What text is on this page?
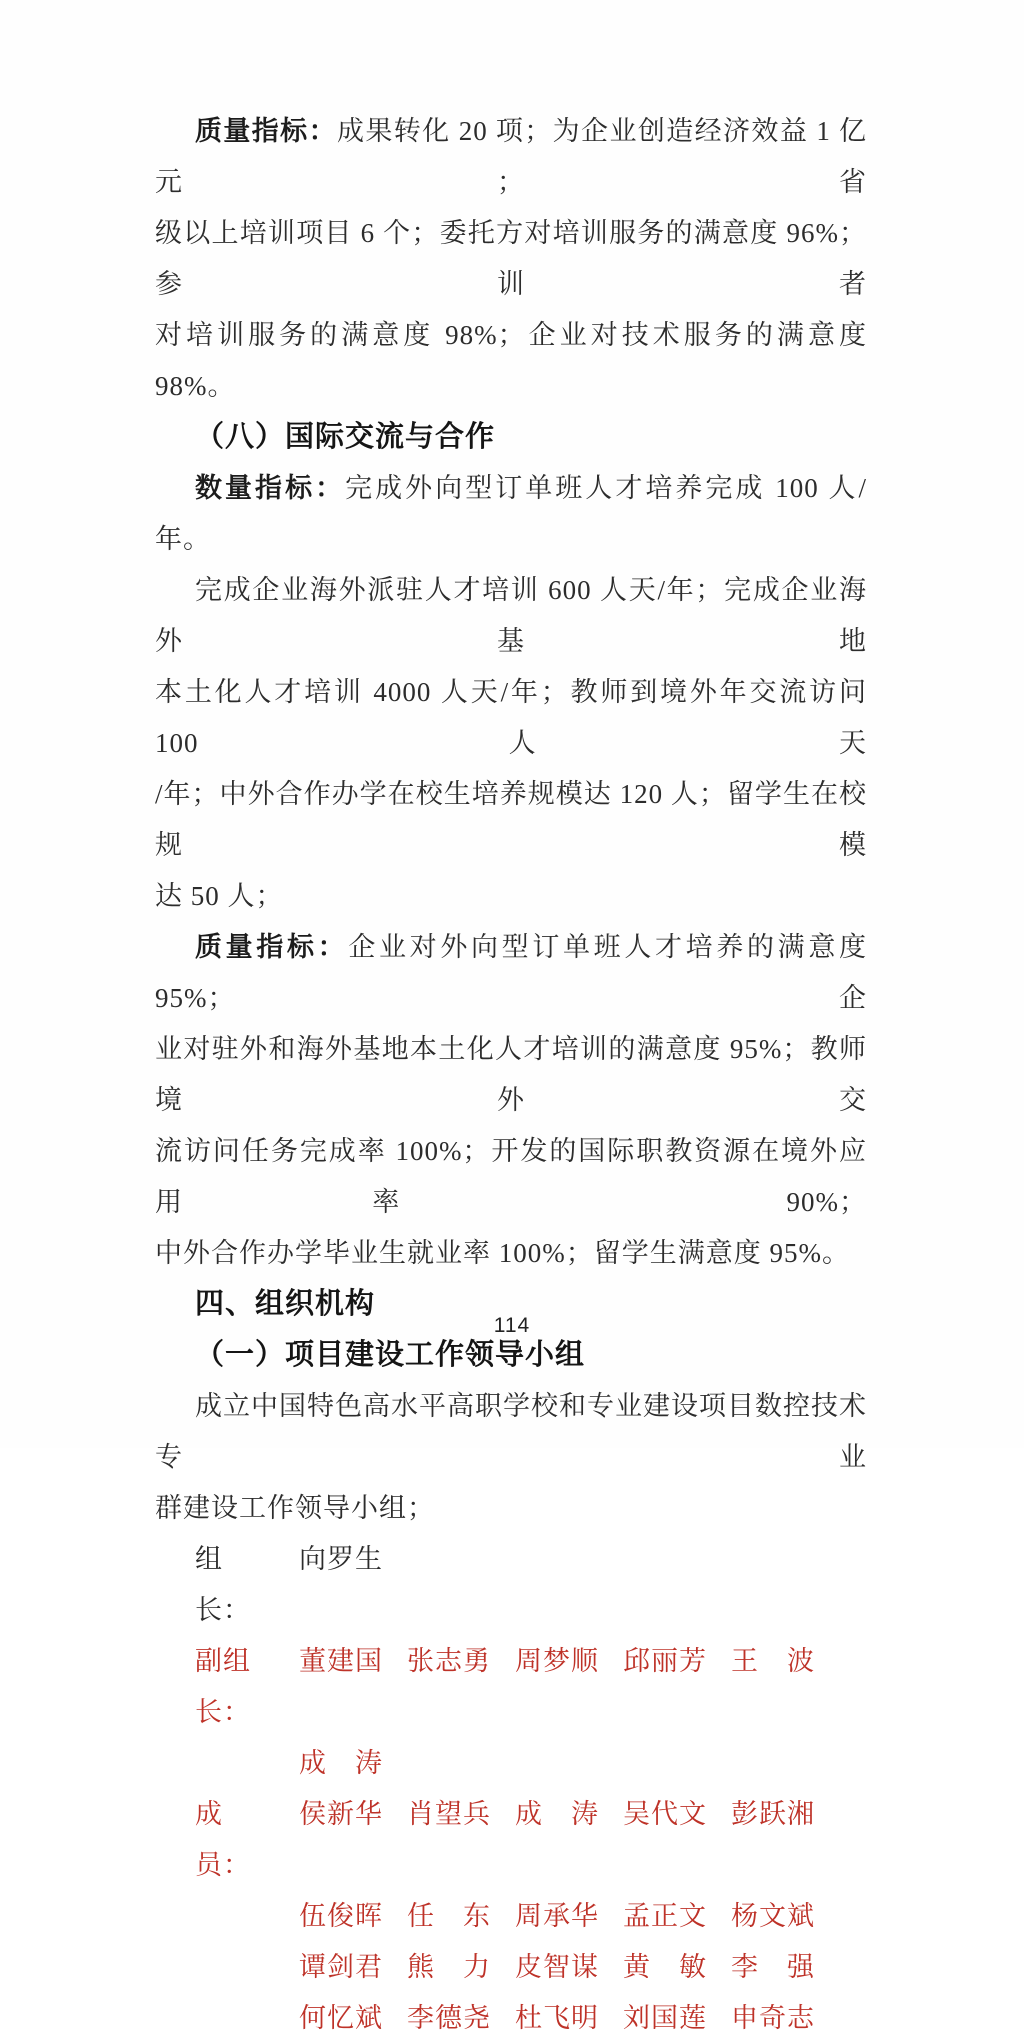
质量指标：成果转化 20 项；为企业创造经济效益 1 亿元；省
级以上培训项目 6 个；委托方对培训服务的满意度 96%；参训者
对培训服务的满意度 98%；企业对技术服务的满意度 98%。
（八）国际交流与合作
数量指标：完成外向型订单班人才培养完成 100 人/年。
完成企业海外派驻人才培训 600 人天/年；完成企业海外基地
本土化人才培训 4000 人天/年；教师到境外年交流访问 100 人天
/年；中外合作办学在校生培养规模达 120 人；留学生在校规模
达 50 人；
质量指标：企业对外向型订单班人才培养的满意度 95%；企
业对驻外和海外基地本土化人才培训的满意度 95%；教师境外交
流访问任务完成率 100%；开发的国际职教资源在境外应用率 90%；
中外合作办学毕业生就业率 100%；留学生满意度 95%。
四、组织机构
（一）项目建设工作领导小组
成立中国特色高水平高职学校和专业建设项目数控技术专业
群建设工作领导小组；
组　长：
向罗生
副组长：
董建国 张志勇 周梦顺 邱丽芳 王　波
成　涛
成　员：
侯新华 肖望兵 成　涛 吴代文 彭跃湘
伍俊晖 任　东 周承华 孟正文 杨文斌
谭剑君 熊　力 皮智谋 黄　敏 李　强
何忆斌 李德尧 杜飞明 刘国莲 申奇志
114
